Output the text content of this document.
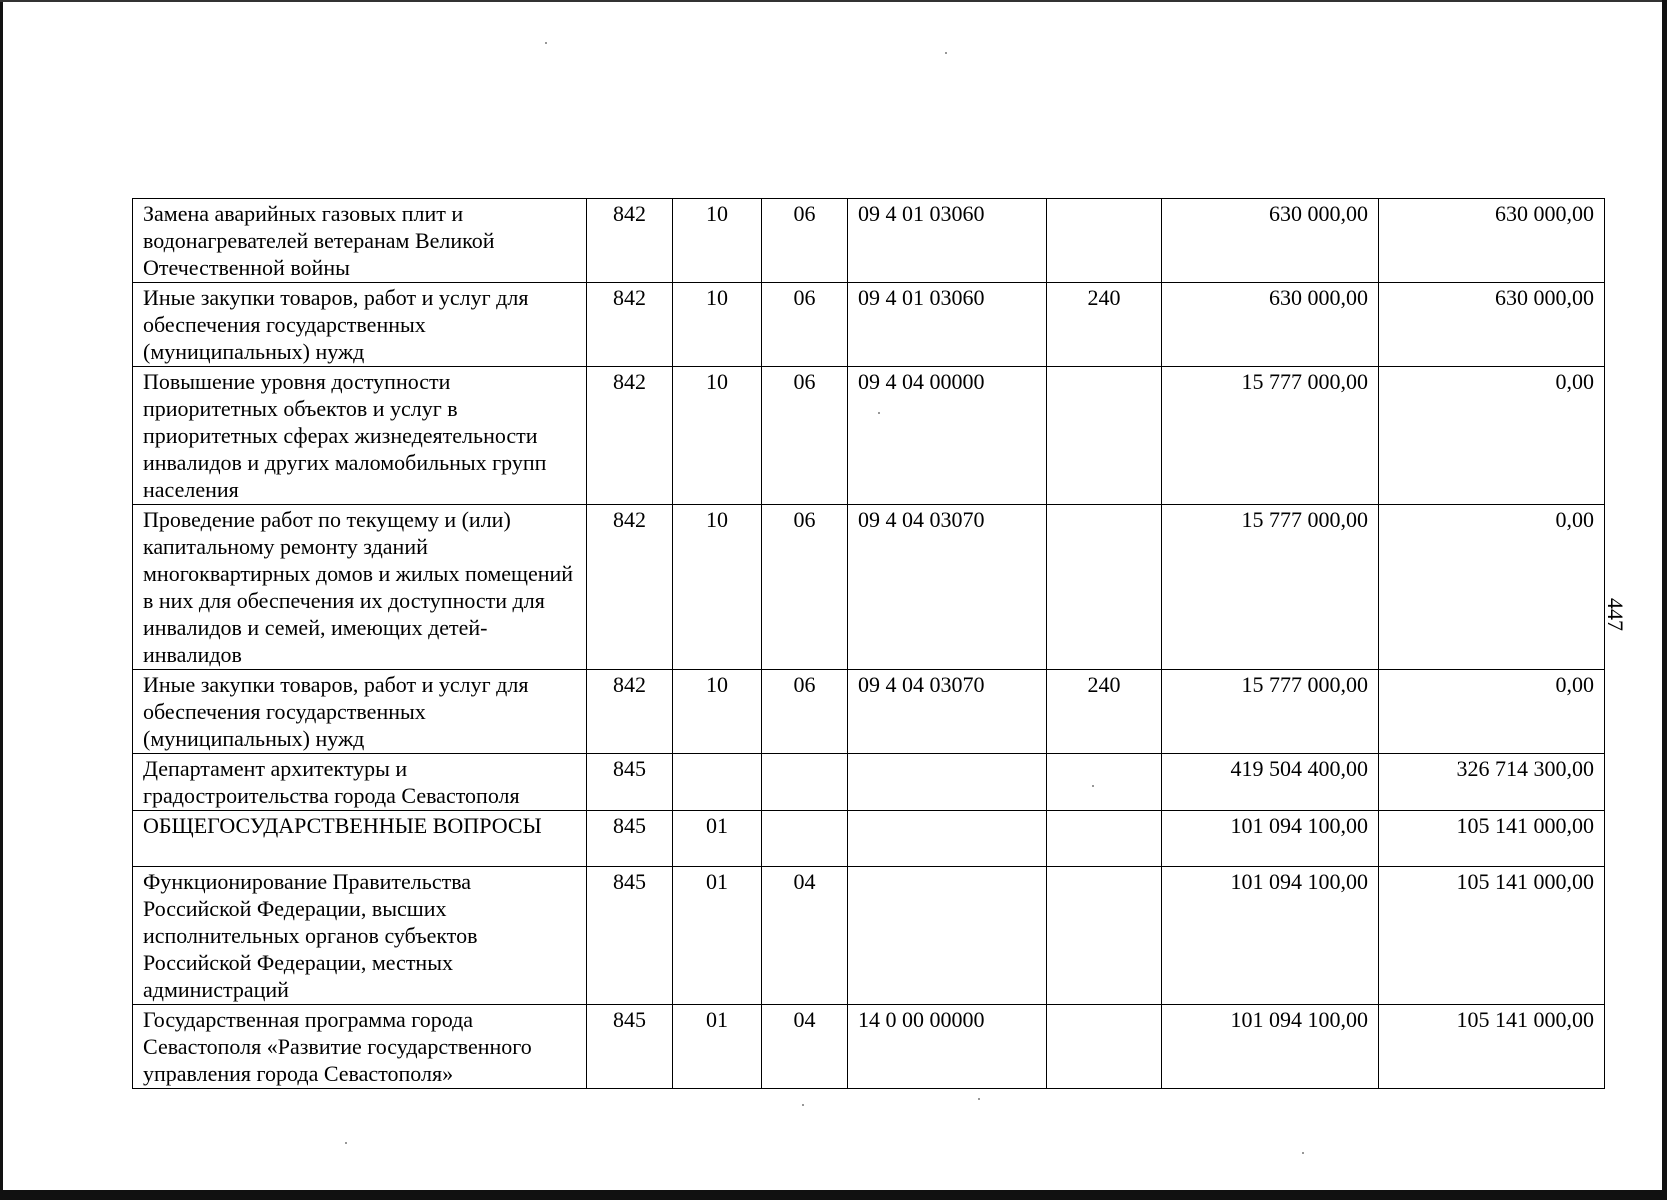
447
Замена аварийных газовых плит и водонагревателей ветеранам Великой Отечественной войны	842	10	06	09 4 01 03060		630 000,00	630 000,00
Иные закупки товаров, работ и услуг для обеспечения государственных (муниципальных) нужд	842	10	06	09 4 01 03060	240	630 000,00	630 000,00
Повышение уровня доступности приоритетных объектов и услуг в приоритетных сферах жизнедеятельности инвалидов и других маломобильных групп населения	842	10	06	09 4 04 00000		15 777 000,00	0,00
Проведение работ по текущему и (или) капитальному ремонту зданий многоквартирных домов и жилых помещений в них для обеспечения их доступности для инвалидов и семей, имеющих детей-инвалидов	842	10	06	09 4 04 03070		15 777 000,00	0,00
Иные закупки товаров, работ и услуг для обеспечения государственных (муниципальных) нужд	842	10	06	09 4 04 03070	240	15 777 000,00	0,00
Департамент архитектуры и градостроительства города Севастополя	845					419 504 400,00	326 714 300,00
ОБЩЕГОСУДАРСТВЕННЫЕ ВОПРОСЫ	845	01				101 094 100,00	105 141 000,00
Функционирование Правительства Российской Федерации, высших исполнительных органов субъектов Российской Федерации, местных администраций	845	01	04			101 094 100,00	105 141 000,00
Государственная программа города Севастополя «Развитие государственного управления города Севастополя»	845	01	04	14 0 00 00000		101 094 100,00	105 141 000,00
